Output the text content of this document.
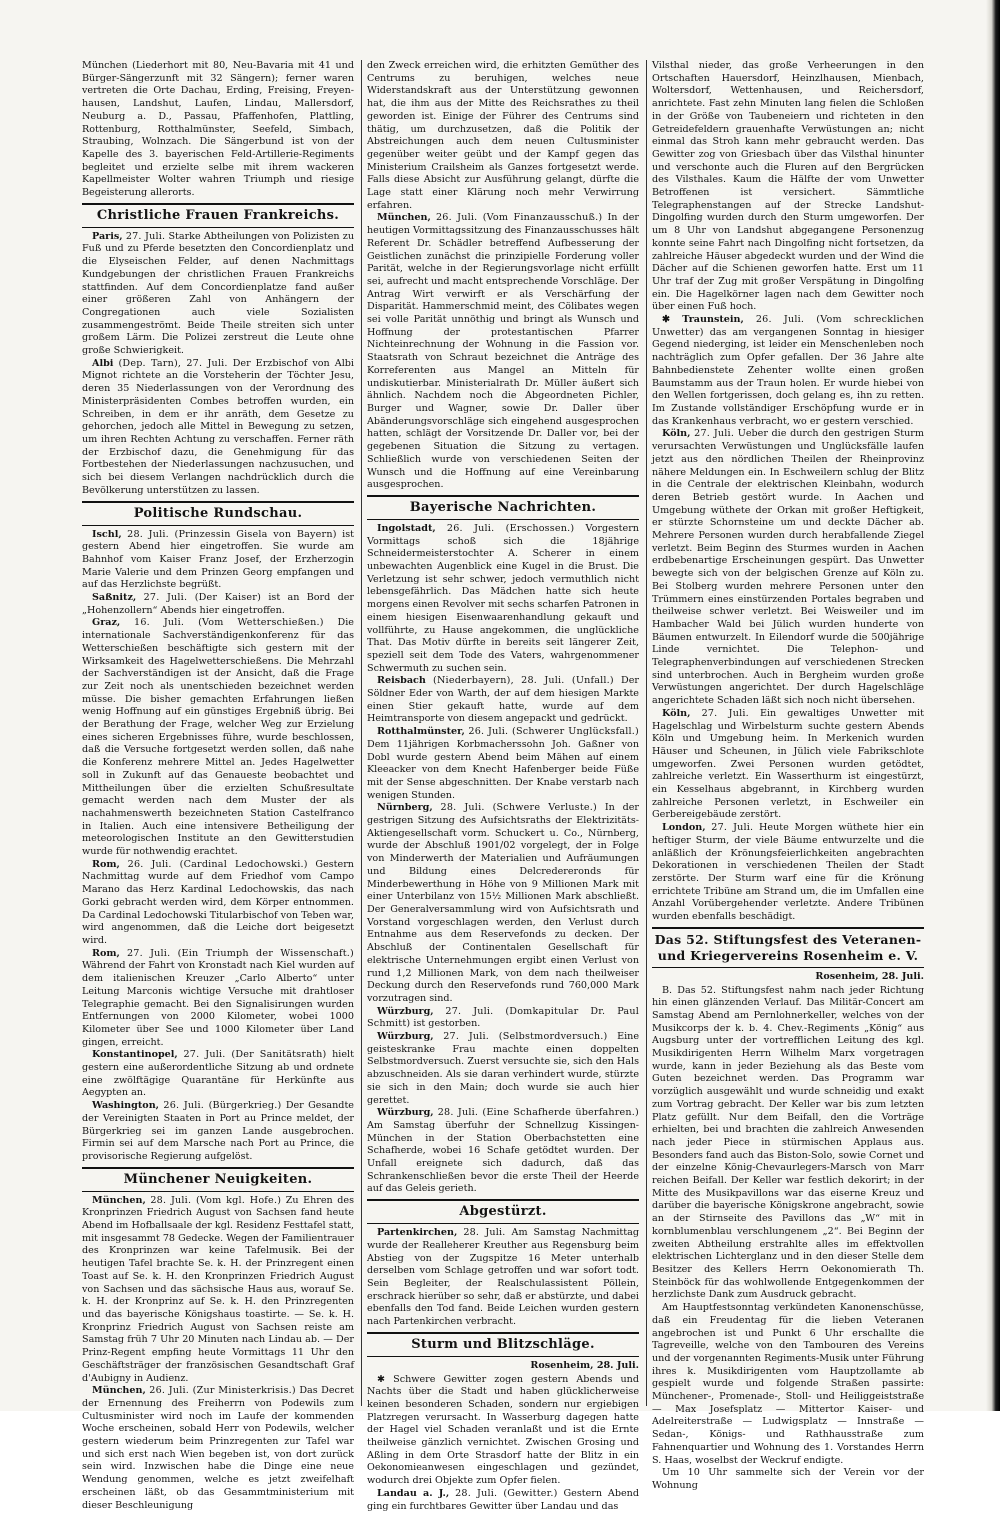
München (Liederhort mit 80, Neu-Bavaria mit 41 und Bürger-Sängerzunft mit 32 Sängern); ferner waren vertreten die Orte Dachau, Erding, Freising, Freyen-hausen, Landshut, Laufen, Lindau, Mallersdorf, Neuburg a. D., Passau, Pfaffenhofen, Plattling, Rottenburg, Rotthalmünster, Seefeld, Simbach, Straubing, Wolnzach. Die Sängerbund ist von der Kapelle des 3. bayerischen Feld-Artillerie-Regiments begleitet und erzielte selbe mit ihrem wackeren Kapellmeister Wolter wahren Triumph und riesige Begeisterung allerorts.

Christliche Frauen Frankreichs.

Paris, 27. Juli. Starke Abtheilungen von Polizisten zu Fuß und zu Pferde besetzten den Concordienplatz und die Elyseischen Felder, auf denen Nachmittags Kundgebungen der christlichen Frauen Frankreichs stattfinden. Auf dem Concordienplatze fand außer einer größeren Zahl von Anhängern der Congregationen auch viele Sozialisten zusammengeströmt. Beide Theile streiten sich unter großem Lärm. Die Polizei zerstreut die Leute ohne große Schwierigkeit.

Albi (Dep. Tarn), 27. Juli. Der Erzbischof von Albi Mignot richtete an die Vorsteherin der Töchter Jesu, deren 35 Niederlassungen von der Verordnung des Ministerpräsidenten Combes betroffen wurden, ein Schreiben, in dem er ihr anräth, dem Gesetze zu gehorchen, jedoch alle Mittel in Bewegung zu setzen, um ihren Rechten Achtung zu verschaffen. Ferner räth der Erzbischof dazu, die Genehmigung für das Fortbestehen der Niederlassungen nachzusuchen, und sich bei diesem Verlangen nachdrücklich durch die Bevölkerung unterstützen zu lassen.

Politische Rundschau.

Ischl, 28. Juli. (Prinzessin Gisela von Bayern) ist gestern Abend hier eingetroffen. Sie wurde am Bahnhof vom Kaiser Franz Josef, der Erzherzogin Marie Valerie und dem Prinzen Georg empfangen und auf das Herzlichste begrüßt.

Saßnitz, 27. Juli. (Der Kaiser) ist an Bord der „Hohenzollern“ Abends hier eingetroffen.

Graz, 16. Juli. (Vom Wetterschießen.) Die internationale Sachverständigenkonferenz für das Wetterschießen beschäftigte sich gestern mit der Wirksamkeit des Hagelwetterschießens. Die Mehrzahl der Sachverständigen ist der Ansicht, daß die Frage zur Zeit noch als unentschieden bezeichnet werden müsse. Die bisher gemachten Erfahrungen ließen wenig Hoffnung auf ein günstiges Ergebniß übrig. Bei der Berathung der Frage, welcher Weg zur Erzielung eines sicheren Ergebnisses führe, wurde beschlossen, daß die Versuche fortgesetzt werden sollen, daß nahe die Konferenz mehrere Mittel an. Jedes Hagelwetter soll in Zukunft auf das Genaueste beobachtet und Mittheilungen über die erzielten Schußresultate gemacht werden nach dem Muster der als nachahmenswerth bezeichneten Station Castelfranco in Italien. Auch eine intensivere Betheiligung der meteorologischen Institute an den Gewitterstudien wurde für nothwendig erachtet.

Rom, 26. Juli. (Cardinal Ledochowski.) Gestern Nachmittag wurde auf dem Friedhof vom Campo Marano das Herz Kardinal Ledochowskis, das nach Gorki gebracht werden wird, dem Körper entnommen. Da Cardinal Ledochowski Titularbischof von Teben war, wird angenommen, daß die Leiche dort beigesetzt wird.

Rom, 27. Juli. (Ein Triumph der Wissenschaft.) Während der Fahrt von Kronstadt nach Kiel wurden auf dem italienischen Kreuzer „Carlo Alberto“ unter Leitung Marconis wichtige Versuche mit drahtloser Telegraphie gemacht. Bei den Signalisirungen wurden Entfernungen von 2000 Kilometer, wobei 1000 Kilometer über See und 1000 Kilometer über Land gingen, erreicht.

Konstantinopel, 27. Juli. (Der Sanitätsrath) hielt gestern eine außerordentliche Sitzung ab und ordnete eine zwölftägige Quarantäne für Herkünfte aus Aegypten an.

Washington, 26. Juli. (Bürgerkrieg.) Der Gesandte der Vereinigten Staaten in Port au Prince meldet, der Bürgerkrieg sei im ganzen Lande ausgebrochen. Firmin sei auf dem Marsche nach Port au Prince, die provisorische Regierung aufgelöst.

Münchener Neuigkeiten.

München, 28. Juli. (Vom kgl. Hofe.) Zu Ehren des Kronprinzen Friedrich August von Sachsen fand heute Abend im Hofballsaale der kgl. Residenz Festtafel statt, mit insgesammt 78 Gedecke. Wegen der Familientrauer des Kronprinzen war keine Tafelmusik. Bei der heutigen Tafel brachte Se. k. H. der Prinzregent einen Toast auf Se. k. H. den Kronprinzen Friedrich August von Sachsen und das sächsische Haus aus, worauf Se. k. H. der Kronprinz auf Se. k. H. den Prinzregenten und das bayerische Königshaus toastirte. — Se. k. H. Kronprinz Friedrich August von Sachsen reiste am Samstag früh 7 Uhr 20 Minuten nach Lindau ab. — Der Prinz-Regent empfing heute Vormittags 11 Uhr den Geschäftsträger der französischen Gesandtschaft Graf d'Aubigny in Audienz.

München, 26. Juli. (Zur Ministerkrisis.) Das Decret der Ernennung des Freiherrn von Podewils zum Cultusminister wird noch im Laufe der kommenden Woche erscheinen, sobald Herr von Podewils, welcher gestern wiederum beim Prinzregenten zur Tafel war und sich erst nach Wien begeben ist, von dort zurück sein wird. Inzwischen habe die Dinge eine neue Wendung genommen, welche es jetzt zweifelhaft erscheinen läßt, ob das Gesammtministerium mit dieser Beschleunigung

den Zweck erreichen wird, die erhitzten Gemüther des Centrums zu beruhigen, welches neue Widerstandskraft aus der Unterstützung gewonnen hat, die ihm aus der Mitte des Reichsrathes zu theil geworden ist. Einige der Führer des Centrums sind thätig, um durchzusetzen, daß die Politik der Abstreichungen auch dem neuen Cultusminister gegenüber weiter geübt und der Kampf gegen das Ministerium Crailsheim als Ganzes fortgesetzt werde. Falls diese Absicht zur Ausführung gelangt, dürfte die Lage statt einer Klärung noch mehr Verwirrung erfahren.

München, 26. Juli. (Vom Finanzausschuß.) In der heutigen Vormittagssitzung des Finanzausschusses hält Referent Dr. Schädler betreffend Aufbesserung der Geistlichen zunächst die prinzipielle Forderung voller Parität, welche in der Regierungsvorlage nicht erfüllt sei, aufrecht und macht entsprechende Vorschläge. Der Antrag Wirt verwirft er als Verschärfung der Disparität. Hammerschmid meint, des Cölibates wegen sei volle Parität unnöthig und bringt als Wunsch und Hoffnung der protestantischen Pfarrer Nichteinrechnung der Wohnung in die Fassion vor. Staatsrath von Schraut bezeichnet die Anträge des Korreferenten aus Mangel an Mitteln für undiskutierbar. Ministerialrath Dr. Müller äußert sich ähnlich. Nachdem noch die Abgeordneten Pichler, Burger und Wagner, sowie Dr. Daller über Abänderungsvorschläge sich eingehend ausgesprochen hatten, schlägt der Vorsitzende Dr. Daller vor, bei der gegebenen Situation die Sitzung zu vertagen. Schließlich wurde von verschiedenen Seiten der Wunsch und die Hoffnung auf eine Vereinbarung ausgesprochen.

Bayerische Nachrichten.

Ingolstadt, 26. Juli. (Erschossen.) Vorgestern Vormittags schoß sich die 18jährige Schneidermeisterstochter A. Scherer in einem unbewachten Augenblick eine Kugel in die Brust. Die Verletzung ist sehr schwer, jedoch vermuthlich nicht lebensgefährlich. Das Mädchen hatte sich heute morgens einen Revolver mit sechs scharfen Patronen in einem hiesigen Eisenwaarenhandlung gekauft und vollführte, zu Hause angekommen, die unglückliche That. Das Motiv dürfte in bereits seit längerer Zeit, speziell seit dem Tode des Vaters, wahrgenommener Schwermuth zu suchen sein.

Reisbach (Niederbayern), 28. Juli. (Unfall.) Der Söldner Eder von Warth, der auf dem hiesigen Markte einen Stier gekauft hatte, wurde auf dem Heimtransporte von diesem angepackt und gedrückt.

Rotthalmünster, 26. Juli. (Schwerer Unglücksfall.) Dem 11jährigen Korbmacherssohn Joh. Gaßner von Dobl wurde gestern Abend beim Mähen auf einem Kleeacker von dem Knecht Hafenberger beide Füße mit der Sense abgeschnitten. Der Knabe verstarb nach wenigen Stunden.

Nürnberg, 28. Juli. (Schwere Verluste.) In der gestrigen Sitzung des Aufsichtsraths der Elektrizitäts-Aktiengesellschaft vorm. Schuckert u. Co., Nürnberg, wurde der Abschluß 1901/02 vorgelegt, der in Folge von Minderwerth der Materialien und Aufräumungen und Bildung eines Delcredereronds für Minderbewerthung in Höhe von 9 Millionen Mark mit einer Unterbilanz von 15½ Millionen Mark abschließt. Der Generalversammlung wird von Aufsichtsrath und Vorstand vorgeschlagen werden, den Verlust durch Entnahme aus dem Reservefonds zu decken. Der Abschluß der Continentalen Gesellschaft für elektrische Unternehmungen ergibt einen Verlust von rund 1,2 Millionen Mark, von dem nach theilweiser Deckung durch den Reservefonds rund 760,000 Mark vorzutragen sind.

Würzburg, 27. Juli. (Domkapitular Dr. Paul Schmitt) ist gestorben.

Würzburg, 27. Juli. (Selbstmordversuch.) Eine geisteskranke Frau machte einen doppelten Selbstmordversuch. Zuerst versuchte sie, sich den Hals abzuschneiden. Als sie daran verhindert wurde, stürzte sie sich in den Main; doch wurde sie auch hier gerettet.

Würzburg, 28. Juli. (Eine Schafherde überfahren.) Am Samstag überfuhr der Schnellzug Kissingen-München in der Station Oberbachstetten eine Schafherde, wobei 16 Schafe getödtet wurden. Der Unfall ereignete sich dadurch, daß das Schrankenschließen bevor die erste Theil der Heerde auf das Geleis gerieth.

Abgestürzt.

Partenkirchen, 28. Juli. Am Samstag Nachmittag wurde der Realleherer Kreuther aus Regensburg beim Abstieg von der Zugspitze 16 Meter unterhalb derselben vom Schlage getroffen und war sofort todt. Sein Begleiter, der Realschulassistent Pöllein, erschrack hierüber so sehr, daß er abstürzte, und dabei ebenfalls den Tod fand. Beide Leichen wurden gestern nach Partenkirchen verbracht.

Sturm und Blitzschläge.
Rosenheim, 28. Juli.

✱ Schwere Gewitter zogen gestern Abends und Nachts über die Stadt und haben glücklicherweise keinen besonderen Schaden, sondern nur ergiebigen Platzregen verursacht. In Wasserburg dagegen hatte der Hagel viel Schaden veranlaßt und ist die Ernte theilweise gänzlich vernichtet. Zwischen Grosing und Aßling in dem Orte Strasdorf hatte der Blitz in ein Oekonomieanwesen eingeschlagen und gezündet, wodurch drei Objekte zum Opfer fielen.

Landau a. J., 28. Juli. (Gewitter.) Gestern Abend ging ein furchtbares Gewitter über Landau und das

Vilsthal nieder, das große Verheerungen in den Ortschaften Hauersdorf, Heinzlhausen, Mienbach, Woltersdorf, Wettenhausen, und Reichersdorf, anrichtete. Fast zehn Minuten lang fielen die Schloßen in der Größe von Taubeneiern und richteten in den Getreidefeldern grauenhafte Verwüstungen an; nicht einmal das Stroh kann mehr gebraucht werden. Das Gewitter zog von Griesbach über das Vilsthal hinunter und verschonte auch die Fluren auf den Bergrücken des Vilsthales. Kaum die Hälfte der vom Unwetter Betroffenen ist versichert. Sämmtliche Telegraphenstangen auf der Strecke Landshut-Dingolfing wurden durch den Sturm umgeworfen. Der um 8 Uhr von Landshut abgegangene Personenzug konnte seine Fahrt nach Dingolfing nicht fortsetzen, da zahlreiche Häuser abgedeckt wurden und der Wind die Dächer auf die Schienen geworfen hatte. Erst um 11 Uhr traf der Zug mit großer Verspätung in Dingolfing ein. Die Hagelkörner lagen nach dem Gewitter noch über einen Fuß hoch.

✱ Traunstein, 26. Juli. (Vom schrecklichen Unwetter) das am vergangenen Sonntag in hiesiger Gegend niederging, ist leider ein Menschenleben noch nachträglich zum Opfer gefallen. Der 36 Jahre alte Bahnbedienstete Zehenter wollte einen großen Baumstamm aus der Traun holen. Er wurde hiebei von den Wellen fortgerissen, doch gelang es, ihn zu retten. Im Zustande vollständiger Erschöpfung wurde er in das Krankenhaus verbracht, wo er gestern verschied.

Köln, 27. Juli. Ueber die durch den gestrigen Sturm verursachten Verwüstungen und Unglücksfälle laufen jetzt aus den nördlichen Theilen der Rheinprovinz nähere Meldungen ein. In Eschweilern schlug der Blitz in die Centrale der elektrischen Kleinbahn, wodurch deren Betrieb gestört wurde. In Aachen und Umgebung wüthete der Orkan mit großer Heftigkeit, er stürzte Schornsteine um und deckte Dächer ab. Mehrere Personen wurden durch herabfallende Ziegel verletzt. Beim Beginn des Sturmes wurden in Aachen erdbebenartige Erscheinungen gespürt. Das Unwetter bewegte sich von der belgischen Grenze auf Köln zu. Bei Stolberg wurden mehrere Personen unter den Trümmern eines einstürzenden Portales begraben und theilweise schwer verletzt. Bei Weisweiler und im Hambacher Wald bei Jülich wurden hunderte von Bäumen entwurzelt. In Eilendorf wurde die 500jährige Linde vernichtet. Die Telephon- und Telegraphenverbindungen auf verschiedenen Strecken sind unterbrochen. Auch in Bergheim wurden große Verwüstungen angerichtet. Der durch Hagelschläge angerichtete Schaden läßt sich noch nicht übersehen.

Köln, 27. Juli. Ein gewaltiges Unwetter mit Hagelschlag und Wirbelsturm suchte gestern Abends Köln und Umgebung heim. In Merkenich wurden Häuser und Scheunen, in Jülich viele Fabrikschlote umgeworfen. Zwei Personen wurden getödtet, zahlreiche verletzt. Ein Wasserthurm ist eingestürzt, ein Kesselhaus abgebrannt, in Kirchberg wurden zahlreiche Personen verletzt, in Eschweiler ein Gerbereigebäude zerstört.

London, 27. Juli. Heute Morgen wüthete hier ein heftiger Sturm, der viele Bäume entwurzelte und die anläßlich der Krönungsfeierlichkeiten angebrachten Dekorationen in verschiedenen Theilen der Stadt zerstörte. Der Sturm warf eine für die Krönung errichtete Tribüne am Strand um, die im Umfallen eine Anzahl Vorübergehender verletzte. Andere Tribünen wurden ebenfalls beschädigt.

Das 52. Stiftungsfest des Veteranen- und Kriegervereins Rosenheim e. V.
Rosenheim, 28. Juli.

B. Das 52. Stiftungsfest nahm nach jeder Richtung hin einen glänzenden Verlauf. Das Militär-Concert am Samstag Abend am Pernlohnerkeller, welches von der Musikcorps der k. b. 4. Chev.-Regiments „König“ aus Augsburg unter der vortrefflichen Leitung des kgl. Musikdirigenten Herrn Wilhelm Marx vorgetragen wurde, kann in jeder Beziehung als das Beste vom Guten bezeichnet werden. Das Programm war vorzüglich ausgewählt und wurde schneidig und exakt zum Vortrag gebracht. Der Keller war bis zum letzten Platz gefüllt. Nur dem Beifall, den die Vorträge erhielten, bei und brachten die zahlreich Anwesenden nach jeder Piece in stürmischen Applaus aus. Besonders fand auch das Biston-Solo, sowie Cornet und der einzelne König-Chevaurlegers-Marsch von Marr reichen Beifall. Der Keller war festlich dekorirt; in der Mitte des Musikpavillons war das eiserne Kreuz und darüber die bayerische Königskrone angebracht, sowie an der Stirnseite des Pavillons das „W“ mit in kornblumenblau verschlungenem „2“. Bei Beginn der zweiten Abtheilung erstrahlte alles im effektvollen elektrischen Lichterglanz und in den dieser Stelle dem Besitzer des Kellers Herrn Oekonomierath Th. Steinböck für das wohlwollende Entgegenkommen der herzlichste Dank zum Ausdruck gebracht.

Am Hauptfestsonntag verkündeten Kanonenschüsse, daß ein Freudentag für die lieben Veteranen angebrochen ist und Punkt 6 Uhr erschallte die Tagreveille, welche von den Tambouren des Vereins und der vorgenannten Regiments-Musik unter Führung ihres k. Musikdirigenten vom Hauptzollamte ab gespielt wurde und folgende Straßen passirte: Münchener-, Promenade-, Stoll- und Heiliggeiststraße — Max Josefsplatz — Mittertor Kaiser- und Adelreiterstraße — Ludwigsplatz — Innstraße — Sedan-, Königs- und Rathhausstraße zum Fahnenquartier und Wohnung des 1. Vorstandes Herrn S. Haas, woselbst der Weckruf endigte.

Um 10 Uhr sammelte sich der Verein vor der Wohnung
